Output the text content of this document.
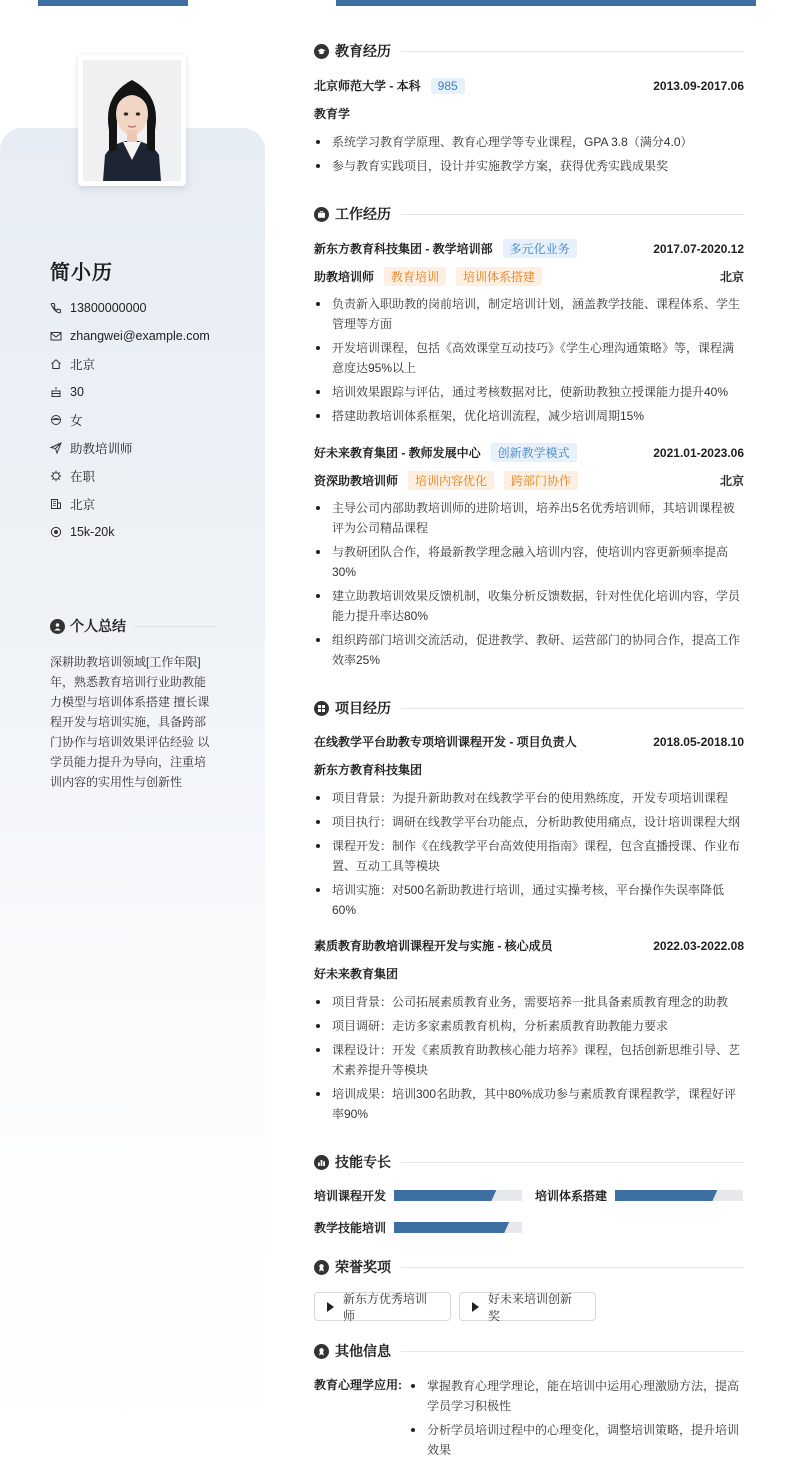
简小历
13800000000
zhangwei@example.com
北京
30
女
助教培训师
在职
北京
15k-20k
个人总结
深耕助教培训领域[工作年限]年，熟悉教育培训行业助教能力模型与培训体系搭建 擅长课程开发与培训实施，具备跨部门协作与培训效果评估经验 以学员能力提升为导向，注重培训内容的实用性与创新性
教育经历
北京师范大学 - 本科	985	2013.09-2017.06
教育学
系统学习教育学原理、教育心理学等专业课程，GPA 3.8（满分4.0）
参与教育实践项目，设计并实施教学方案，获得优秀实践成果奖
工作经历
新东方教育科技集团 - 教学培训部	多元化业务	2017.07-2020.12
助教培训师	教育培训	培训体系搭建	北京
负责新入职助教的岗前培训，制定培训计划，涵盖教学技能、课程体系、学生管理等方面
开发培训课程，包括《高效课堂互动技巧》《学生心理沟通策略》等，课程满意度达95%以上
培训效果跟踪与评估，通过考核数据对比，使新助教独立授课能力提升40%
搭建助教培训体系框架，优化培训流程，减少培训周期15%
好未来教育集团 - 教师发展中心	创新教学模式	2021.01-2023.06
资深助教培训师	培训内容优化	跨部门协作	北京
主导公司内部助教培训师的进阶培训，培养出5名优秀培训师，其培训课程被评为公司精品课程
与教研团队合作，将最新教学理念融入培训内容，使培训内容更新频率提高30%
建立助教培训效果反馈机制，收集分析反馈数据，针对性优化培训内容，学员能力提升率达80%
组织跨部门培训交流活动，促进教学、教研、运营部门的协同合作，提高工作效率25%
项目经历
在线教学平台助教专项培训课程开发 - 项目负责人	2018.05-2018.10
新东方教育科技集团
项目背景：为提升新助教对在线教学平台的使用熟练度，开发专项培训课程
项目执行：调研在线教学平台功能点，分析助教使用痛点，设计培训课程大纲
课程开发：制作《在线教学平台高效使用指南》课程，包含直播授课、作业布置、互动工具等模块
培训实施：对500名新助教进行培训，通过实操考核，平台操作失误率降低60%
素质教育助教培训课程开发与实施 - 核心成员	2022.03-2022.08
好未来教育集团
项目背景：公司拓展素质教育业务，需要培养一批具备素质教育理念的助教
项目调研：走访多家素质教育机构，分析素质教育助教能力要求
课程设计：开发《素质教育助教核心能力培养》课程，包括创新思维引导、艺术素养提升等模块
培训成果：培训300名助教，其中80%成功参与素质教育课程教学，课程好评率90%
技能专长
培训课程开发	培训体系搭建
教学技能培训
荣誉奖项
新东方优秀培训师
好未来培训创新奖
其他信息
教育心理学应用:	掌握教育心理学理论，能在培训中运用心理激励方法，提高学员学习积极性
分析学员培训过程中的心理变化，调整培训策略，提升培训效果
